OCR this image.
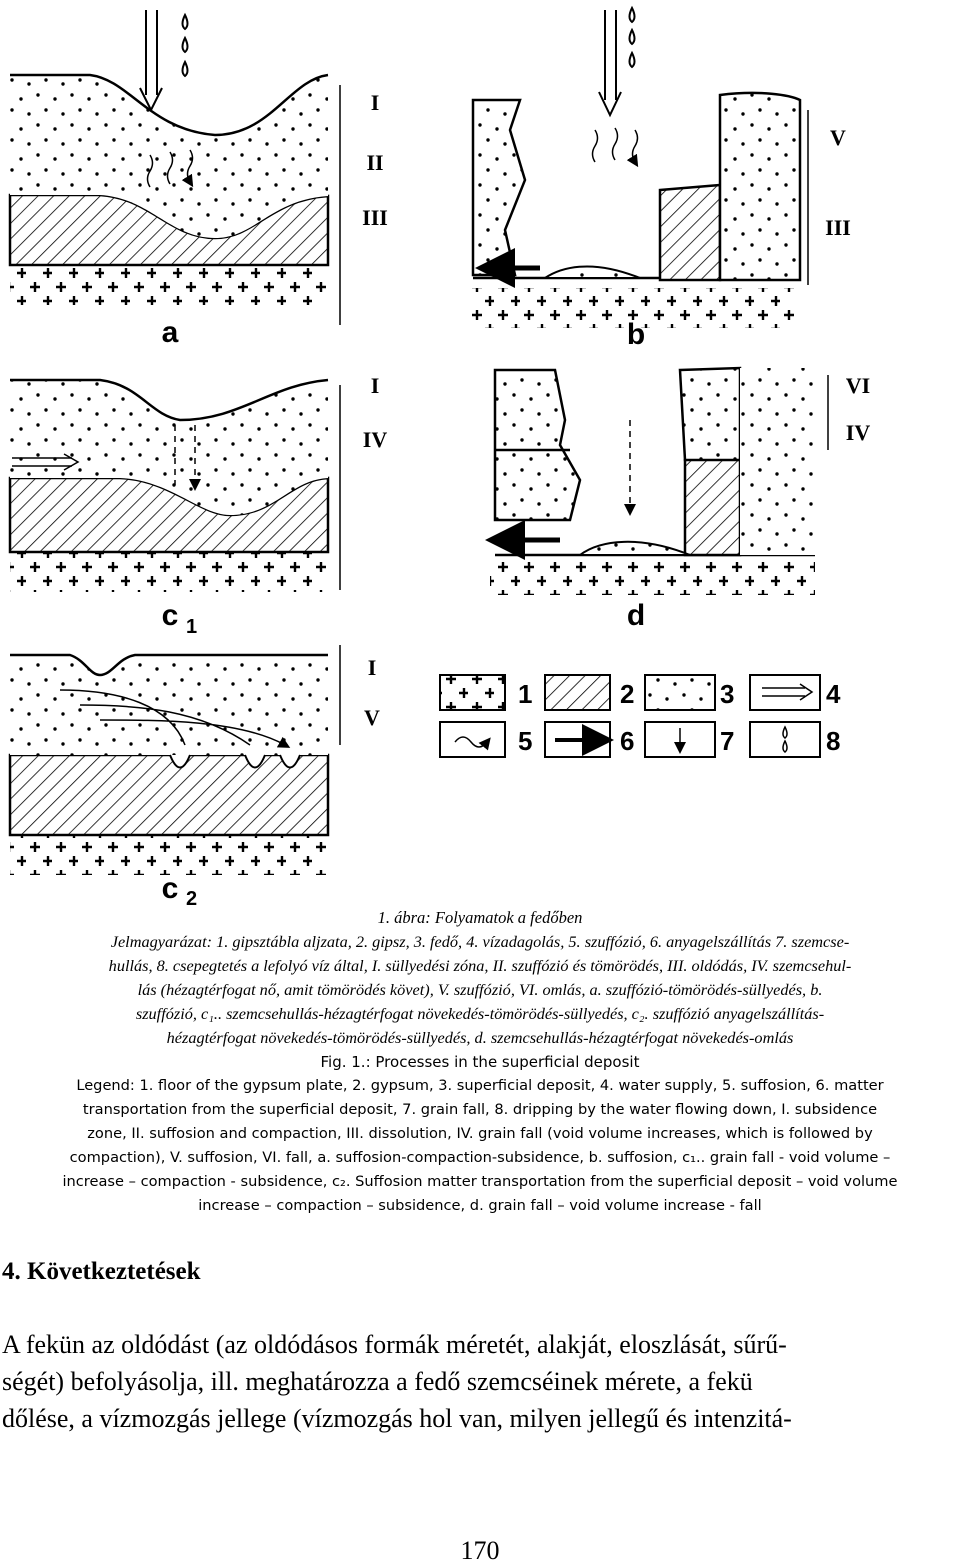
I
II
III
V
III
I
IV
VI
IV
I
V
a	b
c 1	d
c 2
1	2	3	4
5	6	7	8
1. ábra: Folyamatok a fedőben
Jelmagyarázat: 1. gipsztábla aljzata, 2. gipsz, 3. fedő, 4. vízadagolás, 5. szuffózió, 6. anyagelszállítás 7. szemcse-
hullás, 8. csepegtetés a lefolyó víz által, I. süllyedési zóna, II. szuffózió és tömörödés, III. oldódás, IV. szemcsehul-
lás (hézagtérfogat nő, amit tömörödés követ), V. szuffózió, VI. omlás, a. szuffózió-tömörödés-süllyedés, b.
szuffózió, c₁.. szemcsehullás-hézagtérfogat növekedés-tömörödés-süllyedés, c₂. szuffózió anyagelszállítás-
hézagtérfogat növekedés-tömörödés-süllyedés, d. szemcsehullás-hézagtérfogat növekedés-omlás
Fig. 1.: Processes in the superficial deposit
Legend: 1. floor of the gypsum plate, 2. gypsum, 3. superficial deposit, 4. water supply, 5. suffosion, 6. matter
transportation from the superficial deposit, 7. grain fall, 8. dripping by the water flowing down, I. subsidence
zone, II. suffosion and compaction, III. dissolution, IV. grain fall (void volume increases, which is followed by
compaction), V. suffosion, VI. fall, a. suffosion-compaction-subsidence, b. suffosion, c₁.. grain fall - void volume –
increase – compaction - subsidence, c₂. Suffosion matter transportation from the superficial deposit – void volume
increase – compaction – subsidence, d. grain fall – void volume increase - fall
4. Következtetések
A fekün az oldódást (az oldódásos formák méretét, alakját, eloszlását, sűrű-
ségét) befolyásolja, ill. meghatározza a fedő szemcséinek mérete, a fekü
dőlése, a vízmozgás jellege (vízmozgás hol van, milyen jellegű és intenzitá-
170
